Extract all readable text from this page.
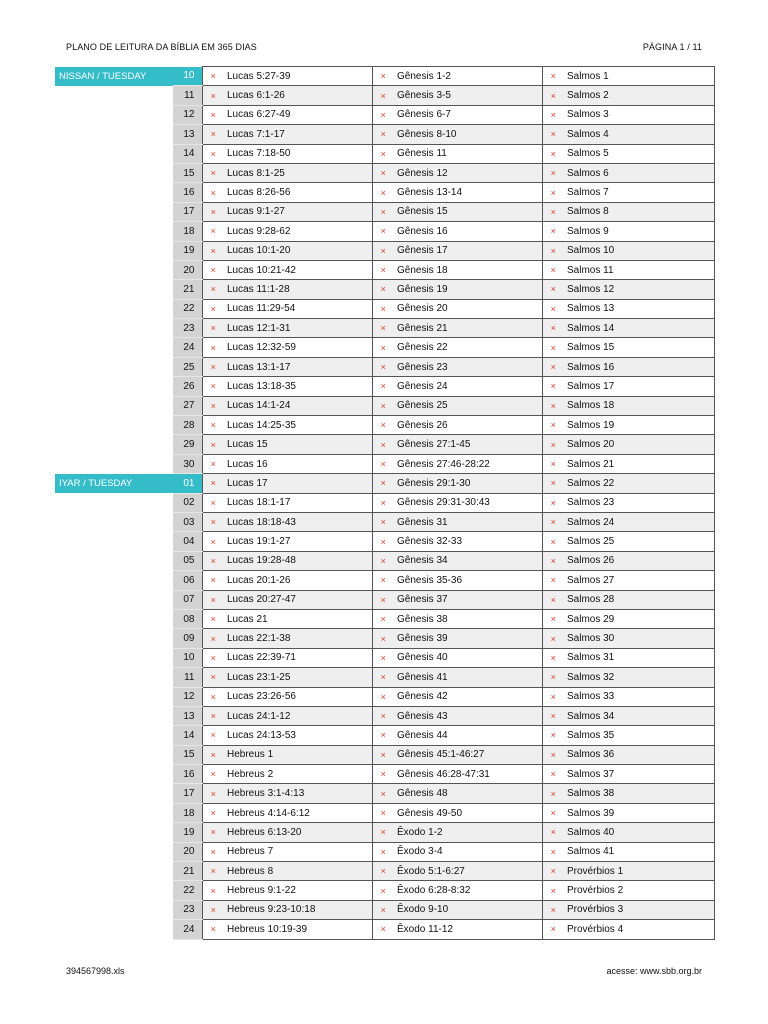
PLANO DE LEITURA DA BÍBLIA EM 365 DIAS	PÁGINA 1 / 11
NISSAN / TUESDAY	10	×	Lucas 5:27-39	×	Gênesis 1-2	×	Salmos 1
	11	×	Lucas 6:1-26	×	Gênesis 3-5	×	Salmos 2
	12	×	Lucas 6:27-49	×	Gênesis 6-7	×	Salmos 3
	13	×	Lucas 7:1-17	×	Gênesis 8-10	×	Salmos 4
	14	×	Lucas 7:18-50	×	Gênesis 11	×	Salmos 5
	15	×	Lucas 8:1-25	×	Gênesis 12	×	Salmos 6
	16	×	Lucas 8:26-56	×	Gênesis 13-14	×	Salmos 7
	17	×	Lucas 9:1-27	×	Gênesis 15	×	Salmos 8
	18	×	Lucas 9:28-62	×	Gênesis 16	×	Salmos 9
	19	×	Lucas 10:1-20	×	Gênesis 17	×	Salmos 10
	20	×	Lucas 10:21-42	×	Gênesis 18	×	Salmos 11
	21	×	Lucas 11:1-28	×	Gênesis 19	×	Salmos 12
	22	×	Lucas 11:29-54	×	Gênesis 20	×	Salmos 13
	23	×	Lucas 12:1-31	×	Gênesis 21	×	Salmos 14
	24	×	Lucas 12:32-59	×	Gênesis 22	×	Salmos 15
	25	×	Lucas 13:1-17	×	Gênesis 23	×	Salmos 16
	26	×	Lucas 13:18-35	×	Gênesis 24	×	Salmos 17
	27	×	Lucas 14:1-24	×	Gênesis 25	×	Salmos 18
	28	×	Lucas 14:25-35	×	Gênesis 26	×	Salmos 19
	29	×	Lucas 15	×	Gênesis 27:1-45	×	Salmos 20
	30	×	Lucas 16	×	Gênesis 27:46-28:22	×	Salmos 21
IYAR / TUESDAY	01	×	Lucas 17	×	Gênesis 29:1-30	×	Salmos 22
	02	×	Lucas 18:1-17	×	Gênesis 29:31-30:43	×	Salmos 23
	03	×	Lucas 18:18-43	×	Gênesis 31	×	Salmos 24
	04	×	Lucas 19:1-27	×	Gênesis 32-33	×	Salmos 25
	05	×	Lucas 19:28-48	×	Gênesis 34	×	Salmos 26
	06	×	Lucas 20:1-26	×	Gênesis 35-36	×	Salmos 27
	07	×	Lucas 20:27-47	×	Gênesis 37	×	Salmos 28
	08	×	Lucas 21	×	Gênesis 38	×	Salmos 29
	09	×	Lucas 22:1-38	×	Gênesis 39	×	Salmos 30
	10	×	Lucas 22:39-71	×	Gênesis 40	×	Salmos 31
	11	×	Lucas 23:1-25	×	Gênesis 41	×	Salmos 32
	12	×	Lucas 23:26-56	×	Gênesis 42	×	Salmos 33
	13	×	Lucas 24:1-12	×	Gênesis 43	×	Salmos 34
	14	×	Lucas 24:13-53	×	Gênesis 44	×	Salmos 35
	15	×	Hebreus 1	×	Gênesis 45:1-46:27	×	Salmos 36
	16	×	Hebreus 2	×	Gênesis 46:28-47:31	×	Salmos 37
	17	×	Hebreus 3:1-4:13	×	Gênesis 48	×	Salmos 38
	18	×	Hebreus 4:14-6:12	×	Gênesis 49-50	×	Salmos 39
	19	×	Hebreus 6:13-20	×	Êxodo 1-2	×	Salmos 40
	20	×	Hebreus 7	×	Êxodo 3-4	×	Salmos 41
	21	×	Hebreus 8	×	Êxodo 5:1-6:27	×	Provérbios 1
	22	×	Hebreus 9:1-22	×	Êxodo 6:28-8:32	×	Provérbios 2
	23	×	Hebreus 9:23-10:18	×	Êxodo 9-10	×	Provérbios 3
	24	×	Hebreus 10:19-39	×	Êxodo 11-12	×	Provérbios 4
394567998.xls	acesse: www.sbb.org.br
